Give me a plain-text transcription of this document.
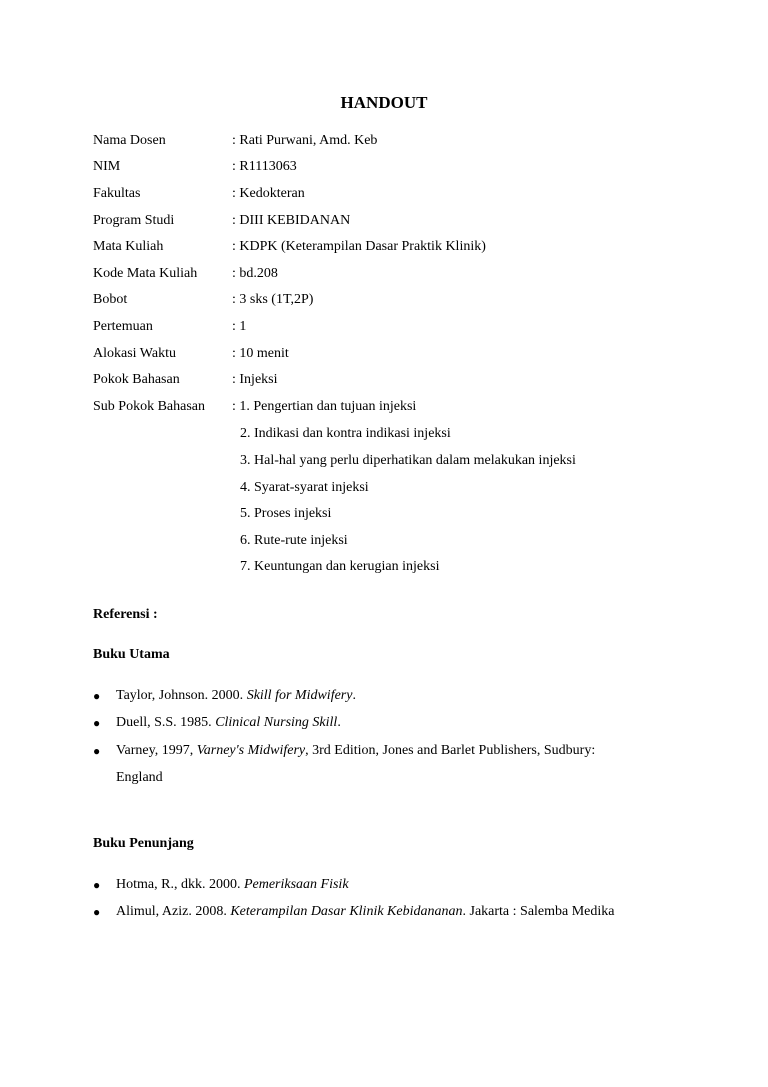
HANDOUT
Nama Dosen	: Rati Purwani, Amd. Keb
NIM	: R1113063
Fakultas	: Kedokteran
Program Studi	: DIII KEBIDANAN
Mata Kuliah	: KDPK (Keterampilan Dasar Praktik Klinik)
Kode Mata Kuliah : bd.208
Bobot	: 3 sks (1T,2P)
Pertemuan	: 1
Alokasi Waktu	: 10 menit
Pokok Bahasan	: Injeksi
Sub Pokok Bahasan : 1. Pengertian dan tujuan injeksi
2. Indikasi dan kontra indikasi injeksi
3. Hal-hal yang perlu diperhatikan dalam melakukan injeksi
4. Syarat-syarat injeksi
5. Proses injeksi
6. Rute-rute injeksi
7. Keuntungan dan kerugian injeksi
Referensi :
Buku Utama
● Taylor, Johnson. 2000. Skill for Midwifery.
● Duell, S.S. 1985. Clinical Nursing Skill.
● Varney, 1997, Varney's Midwifery, 3rd Edition, Jones and Barlet Publishers, Sudbury:
England
Buku Penunjang
● Hotma, R., dkk. 2000. Pemeriksaan Fisik
● Alimul, Aziz. 2008. Keterampilan Dasar Klinik Kebidananan. Jakarta : Salemba Medika
